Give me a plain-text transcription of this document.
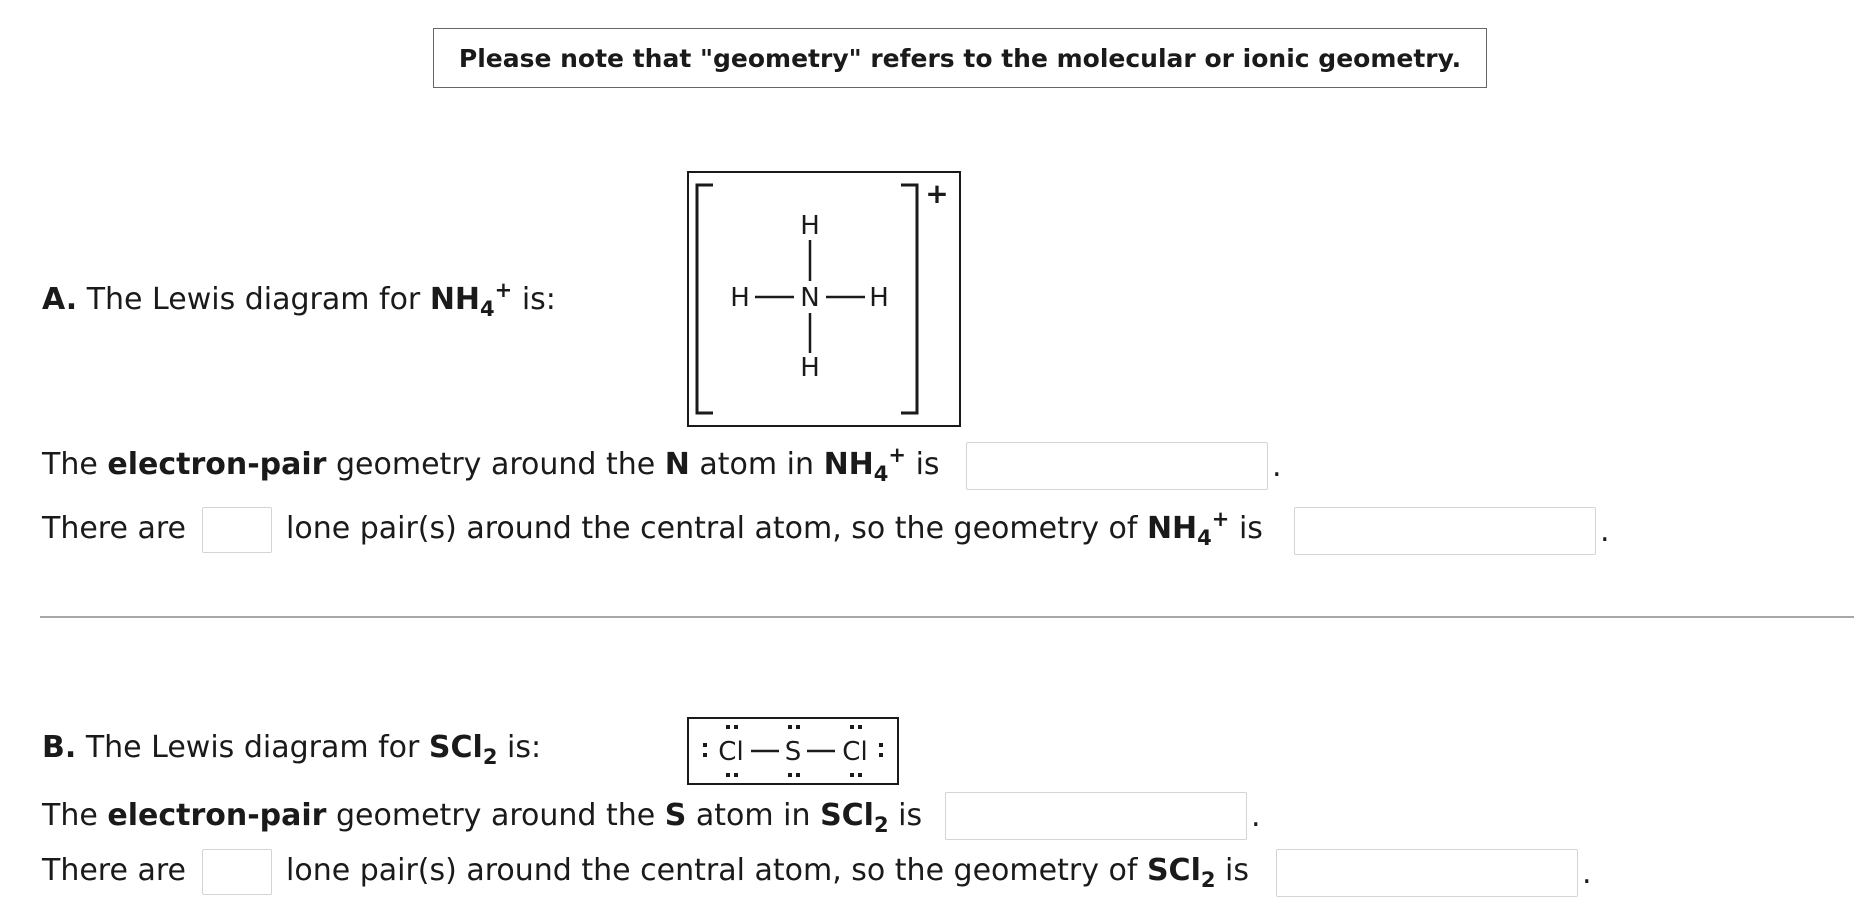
Please note that "geometry" refers to the molecular or ionic geometry.
A. The Lewis diagram for $NH_4^+$ is:
+
H
N
H	H
H
The electron-pair geometry around the N atom in $NH_4^+$ is	.
There are	lone pair(s) around the central atom, so the geometry of $NH_4^+$ is	.
B. The Lewis diagram for SCl$_2$ is:	Cl S Cl
The electron-pair geometry around the S atom in SCl$_2$ is	.
There are	lone pair(s) around the central atom, so the geometry of SCl$_2$ is	.
